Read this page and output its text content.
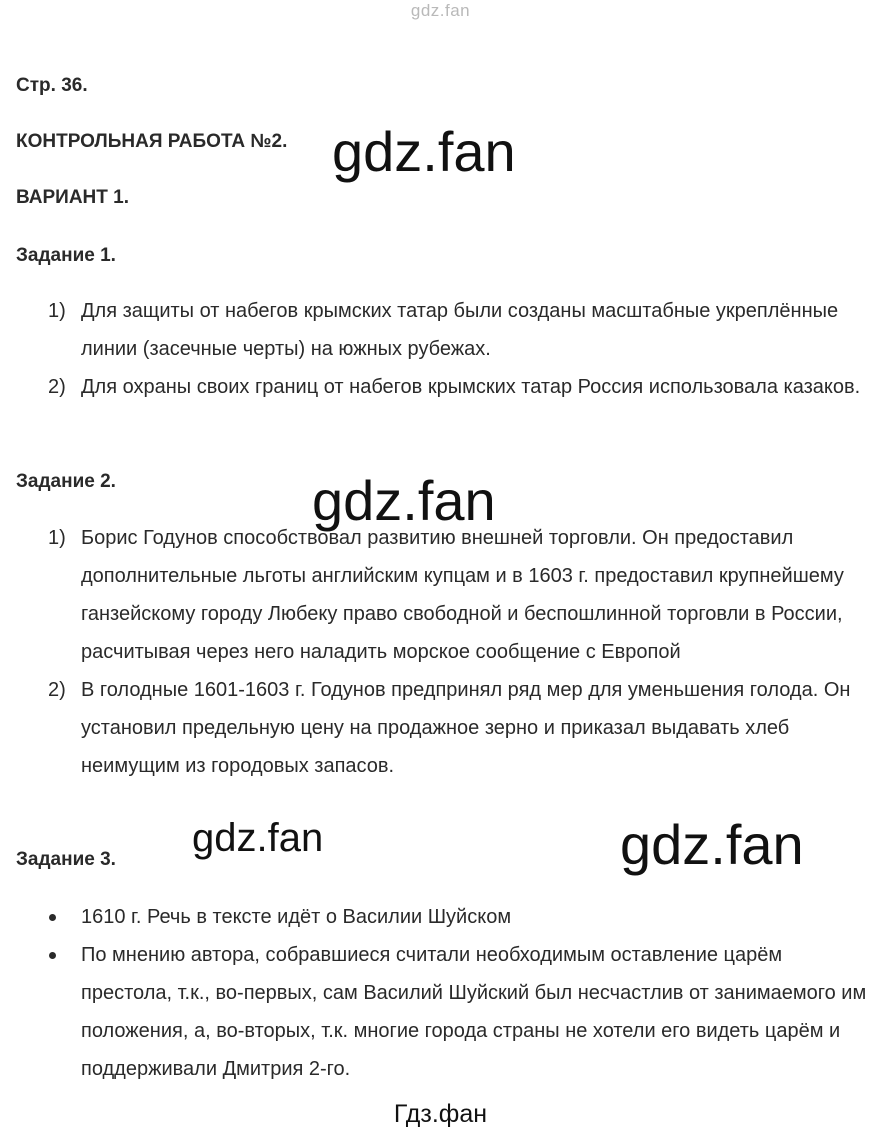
gdz.fan
Стр. 36.
КОНТРОЛЬНАЯ РАБОТА №2.
ВАРИАНТ 1.
Задание 1.
1) Для защиты от набегов крымских татар были созданы масштабные укреплённые линии (засечные черты) на южных рубежах.
2) Для охраны своих границ от набегов крымских татар Россия использовала казаков.
Задание 2.
1) Борис Годунов способствовал развитию внешней торговли. Он предоставил дополнительные льготы английским купцам и в 1603 г. предоставил крупнейшему ганзейскому городу Любеку право свободной и беспошлинной торговли в России, расчитывая через него наладить морское сообщение с Европой
2) В голодные 1601-1603 г. Годунов предпринял ряд мер для уменьшения голода. Он установил предельную цену на продажное зерно и приказал выдавать хлеб неимущим из городовых запасов.
Задание 3.
1610 г. Речь в тексте идёт о Василии Шуйском
По мнению автора, собравшиеся считали необходимым оставление царём престола, т.к., во-первых, сам Василий Шуйский был несчастлив от занимаемого им положения, а, во-вторых, т.к. многие города страны не хотели его видеть царём и поддерживали Дмитрия 2-го.
gdz.fan
gdz.fan
gdz.fan	gdz.fan
Гдз.фан
